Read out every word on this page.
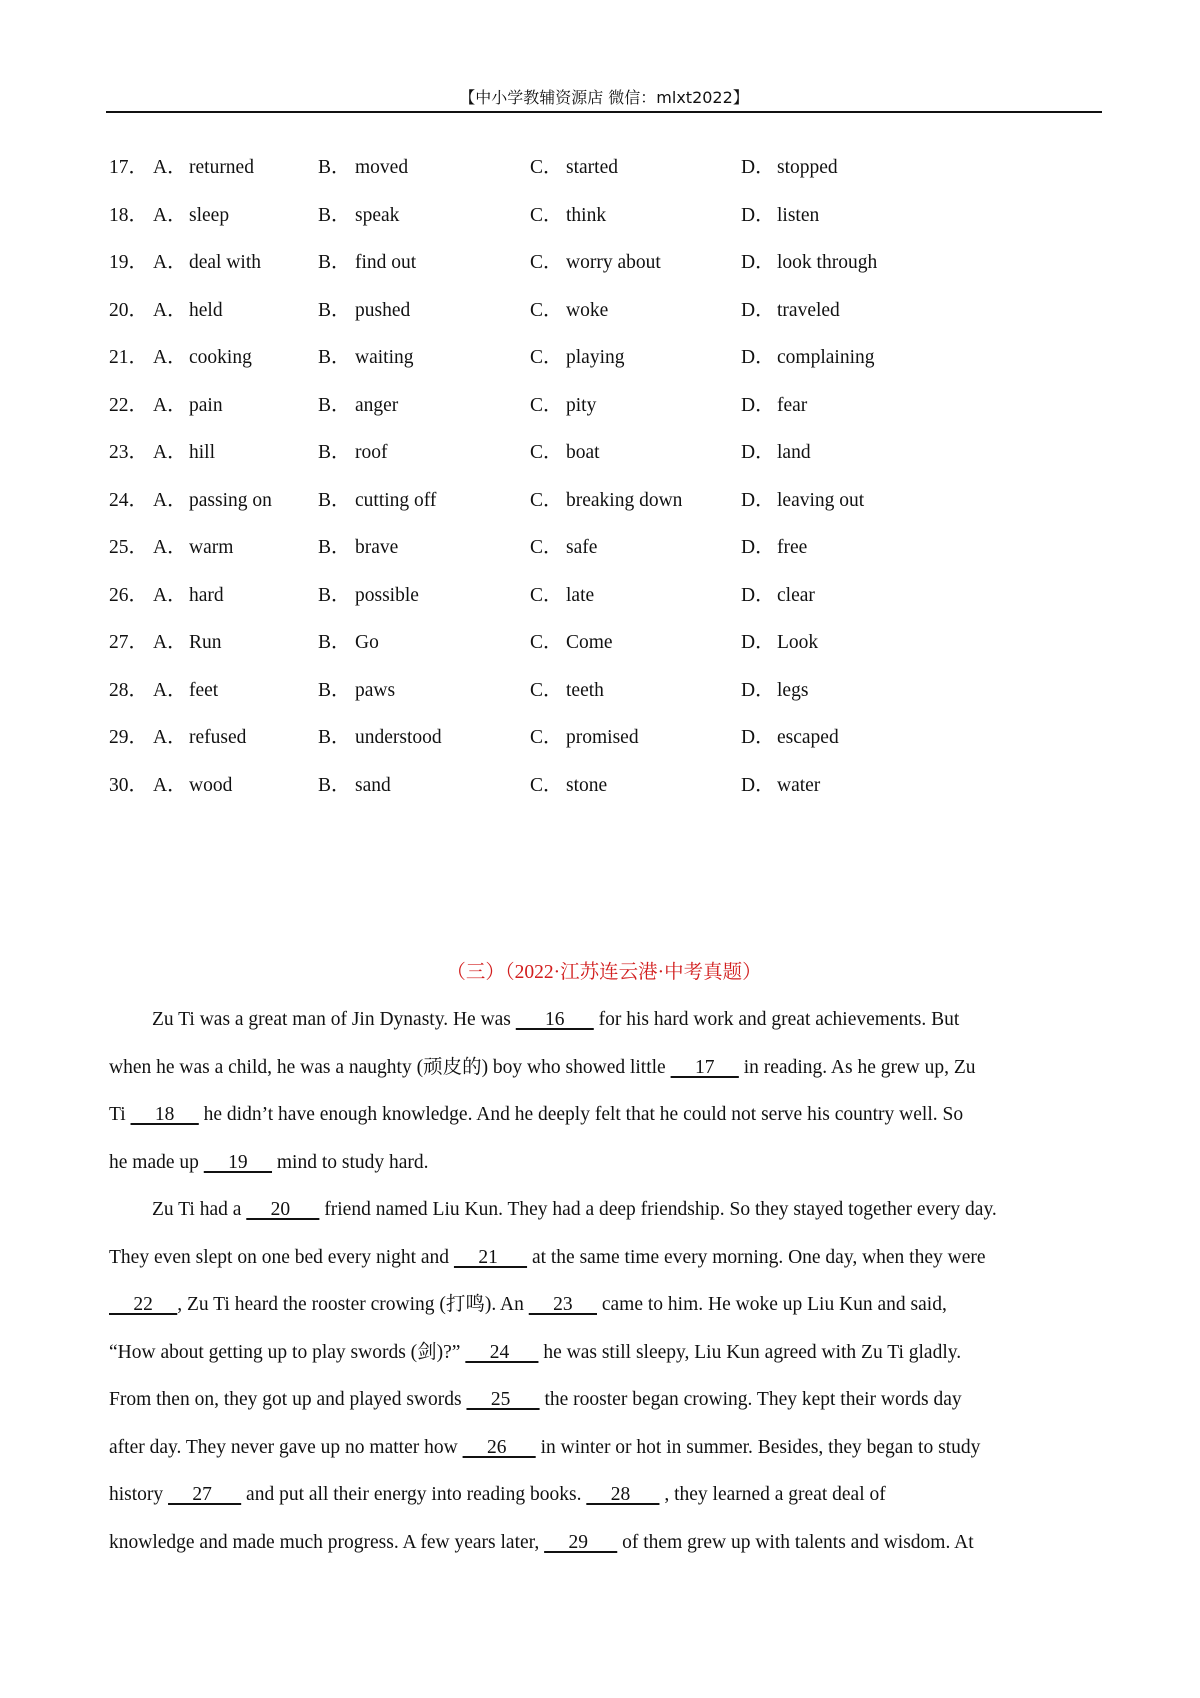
【中小学教辅资源店 微信：mlxt2022】
17． A． returned	B． moved	C． started	D． stopped
18． A． sleep	B． speak	C． think	D． listen
19． A． deal with	B． find out	C． worry about	D． look through
20． A． held	B． pushed	C． woke	D． traveled
21． A． cooking	B． waiting	C． playing	D． complaining
22． A． pain	B． anger	C． pity	D． fear
23． A． hill	B． roof	C． boat	D． land
24． A． passing on B． cutting off	C． breaking down	D． leaving out
25． A． warm	B． brave	C． safe	D． free
26． A． hard	B． possible	C． late	D． clear
27． A． Run	B． Go	C． Come	D． Look
28． A． feet	B． paws	C． teeth	D． legs
29． A． refused	B． understood	C． promised	D． escaped
30． A． wood	B． sand	C． stone	D． water
（三）（2022·江苏连云港·中考真题）
Zu Ti was a great man of Jin Dynasty. He was       16       for his hard work and great achievements. But
when he was a child, he was a naughty (顽皮的) boy who showed little      17      in reading. As he grew up, Zu
Ti      18      he didn’t have enough knowledge. And he deeply felt that he could not serve his country well. So
he made up      19      mind to study hard.
Zu Ti had a      20       friend named Liu Kun. They had a deep friendship. So they stayed together every day.
They even slept on one bed every night and      21       at the same time every morning. One day, when they were
22     , Zu Ti heard the rooster crowing (打鸣). An      23      came to him. He woke up Liu Kun and said,
“How about getting up to play swords (剑)?”      24       he was still sleepy, Liu Kun agreed with Zu Ti gladly.
From then on, they got up and played swords      25       the rooster began crowing. They kept their words day
after day. They never gave up no matter how      26       in winter or hot in summer. Besides, they began to study
history      27       and put all their energy into reading books.      28       , they learned a great deal of
knowledge and made much progress. A few years later,      29       of them grew up with talents and wisdom. At
